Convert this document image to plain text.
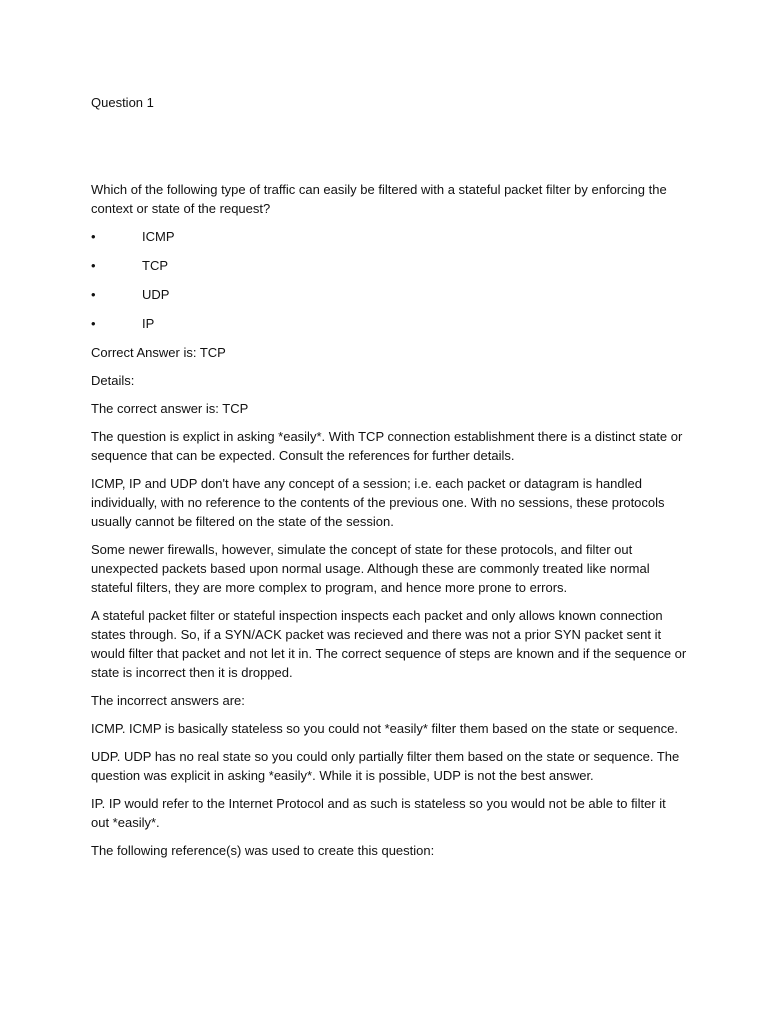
Question 1

Which of the following type of traffic can easily be filtered with a stateful packet filter by enforcing the context or state of the request?

•	ICMP
•	TCP
•	UDP
•	IP

Correct Answer is: TCP

Details:

The correct answer is: TCP

The question is explict in asking *easily*. With TCP connection establishment there is a distinct state or sequence that can be expected. Consult the references for further details.

ICMP, IP and UDP don't have any concept of a session; i.e. each packet or datagram is handled individually, with no reference to the contents of the previous one. With no sessions, these protocols usually cannot be filtered on the state of the session.

Some newer firewalls, however, simulate the concept of state for these protocols, and filter out unexpected packets based upon normal usage. Although these are commonly treated like normal stateful filters, they are more complex to program, and hence more prone to errors.

A stateful packet filter or stateful inspection inspects each packet and only allows known connection states through. So, if a SYN/ACK packet was recieved and there was not a prior SYN packet sent it would filter that packet and not let it in. The correct sequence of steps are known and if the sequence or state is incorrect then it is dropped.

The incorrect answers are:

ICMP. ICMP is basically stateless so you could not *easily* filter them based on the state or sequence.

UDP. UDP has no real state so you could only partially filter them based on the state or sequence. The question was explicit in asking *easily*. While it is possible, UDP is not the best answer.

IP. IP would refer to the Internet Protocol and as such is stateless so you would not be able to filter it out *easily*.

The following reference(s) was used to create this question:
